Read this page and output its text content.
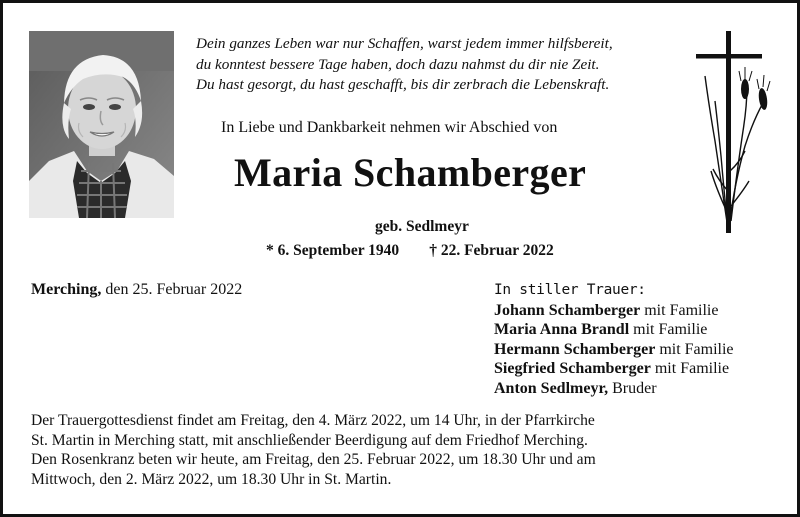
Dein ganzes Leben war nur Schaffen, warst jedem immer hilfsbereit,
du konntest bessere Tage haben, doch dazu nahmst du dir nie Zeit.
Du hast gesorgt, du hast geschafft, bis dir zerbrach die Lebenskraft.
In Liebe und Dankbarkeit nehmen wir Abschied von
Maria Schamberger
geb. Sedlmeyr
* 6. September 1940 † 22. Februar 2022
Merching, den 25. Februar 2022	In stiller Trauer:
Johann Schamberger mit Familie
Maria Anna Brandl mit Familie
Hermann Schamberger mit Familie
Siegfried Schamberger mit Familie
Anton Sedlmeyr, Bruder
Der Trauergottesdienst findet am Freitag, den 4. März 2022, um 14 Uhr, in der Pfarrkirche
St. Martin in Merching statt, mit anschließender Beerdigung auf dem Friedhof Merching.
Den Rosenkranz beten wir heute, am Freitag, den 25. Februar 2022, um 18.30 Uhr und am
Mittwoch, den 2. März 2022, um 18.30 Uhr in St. Martin.
